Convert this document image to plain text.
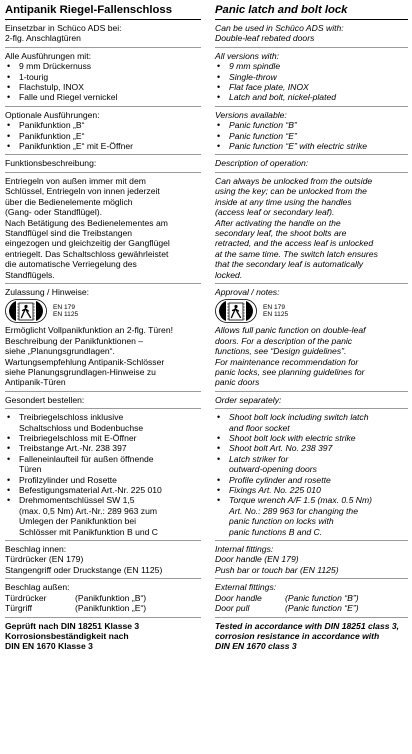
Antipanik Riegel-Fallenschloss

Einsetzbar in Schüco ADS bei:
2-flg. Anschlagtüren

Alle Ausführungen mit:
• 9 mm Drückernuss
• 1-tourig
• Flachstulp, INOX
• Falle und Riegel vernickel
Optionale Ausführungen:
• Panikfunktion „B“
• Panikfunktion „E“
• Panikfunktion „E“ mit E-Öffner
Funktionsbeschreibung:

Entriegeln von außen immer mit dem
Schlüssel, Entriegeln von innen jederzeit
über die Bedienelemente möglich
(Gang- oder Standflügel).
Nach Betätigung des Bedienelementes am
Standflügel sind die Treibstangen
eingezogen und gleichzeitig der Gangflügel
entriegelt. Das Schaltschloss gewährleistet
die automatische Verriegelung des
Standflügels.

Zulassung / Hinweise:
EN 179
EN 1125

Ermöglicht Vollpanikfunktion an 2-flg. Türen!
Beschreibung der Panikfunktionen –
siehe „Planungsgrundlagen“.
Wartungsempfehlung Antipanik-Schlösser
siehe Planungsgrundlagen-Hinweise zu
Antipanik-Türen

Gesondert bestellen:
• Treibriegelschloss inklusive
Schaltschloss und Bodenbuchse
• Treibriegelschloss mit E-Öffner
• Treibstange Art.-Nr. 238 397
• Falleneinlaufteil für außen öffnende
Türen
• Profilzylinder und Rosette
• Befestigungsmaterial Art.-Nr. 225 010
• Drehmomentschlüssel SW 1,5
(max. 0,5 Nm) Art.-Nr.: 289 963 zum
Umlegen der Panikfunktion bei
Schlösser mit Panikfunktion B und C
Beschlag innen:

Türdrücker (EN 179)
Stangengriff oder Druckstange (EN 1125)

Beschlag außen:
Türdrücker	(Panikfunktion „B“)
Türgriff	(Panikfunktion „E“)

Geprüft nach DIN 18251 Klasse 3
Korrosionsbeständigkeit nach
DIN EN 1670 Klasse 3

Panic latch and bolt lock

Can be used in Schüco ADS with:
Double-leaf rebated doors

All versions with:
• 9 mm spindle
• Single-throw
• Flat face plate, INOX
• Latch and bolt, nickel-plated
Versions available:
• Panic function “B”
• Panic function “E”
• Panic function “E” with electric strike
Description of operation:

Can always be unlocked from the outside
using the key; can be unlocked from the
inside at any time using the handles
(access leaf or secondary leaf).
After activating the handle on the
secondary leaf, the shoot bolts are
retracted, and the access leaf is unlocked
at the same time. The switch latch ensures
that the secondary leaf is automatically
locked.

Approval / notes:
EN 179
EN 1125

Allows full panic function on double-leaf
doors. For a description of the panic
functions, see “Design guidelines”.
For maintenance recommendation for
panic locks, see planning guidelines for
panic doors

Order separately:
• Shoot bolt lock including switch latch
and floor socket
• Shoot bolt lock with electric strike
• Shoot bolt Art. No. 238 397
• Latch striker for
outward-opening doors
• Profile cylinder and rosette
• Fixings Art. No. 225 010
• Torque wrench A/F 1.5 (max. 0.5 Nm)
Art. No.: 289 963 for changing the
panic function on locks with
panic functions B and C.
Internal fittings:

Door handle (EN 179)
Push bar or touch bar (EN 1125)

External fittings:
Door handle	(Panic function “B”)
Door pull	(Panic function “E”)

Tested in accordance with DIN 18251 class 3,
corrosion resistance in accordance with
DIN EN 1670 class 3
